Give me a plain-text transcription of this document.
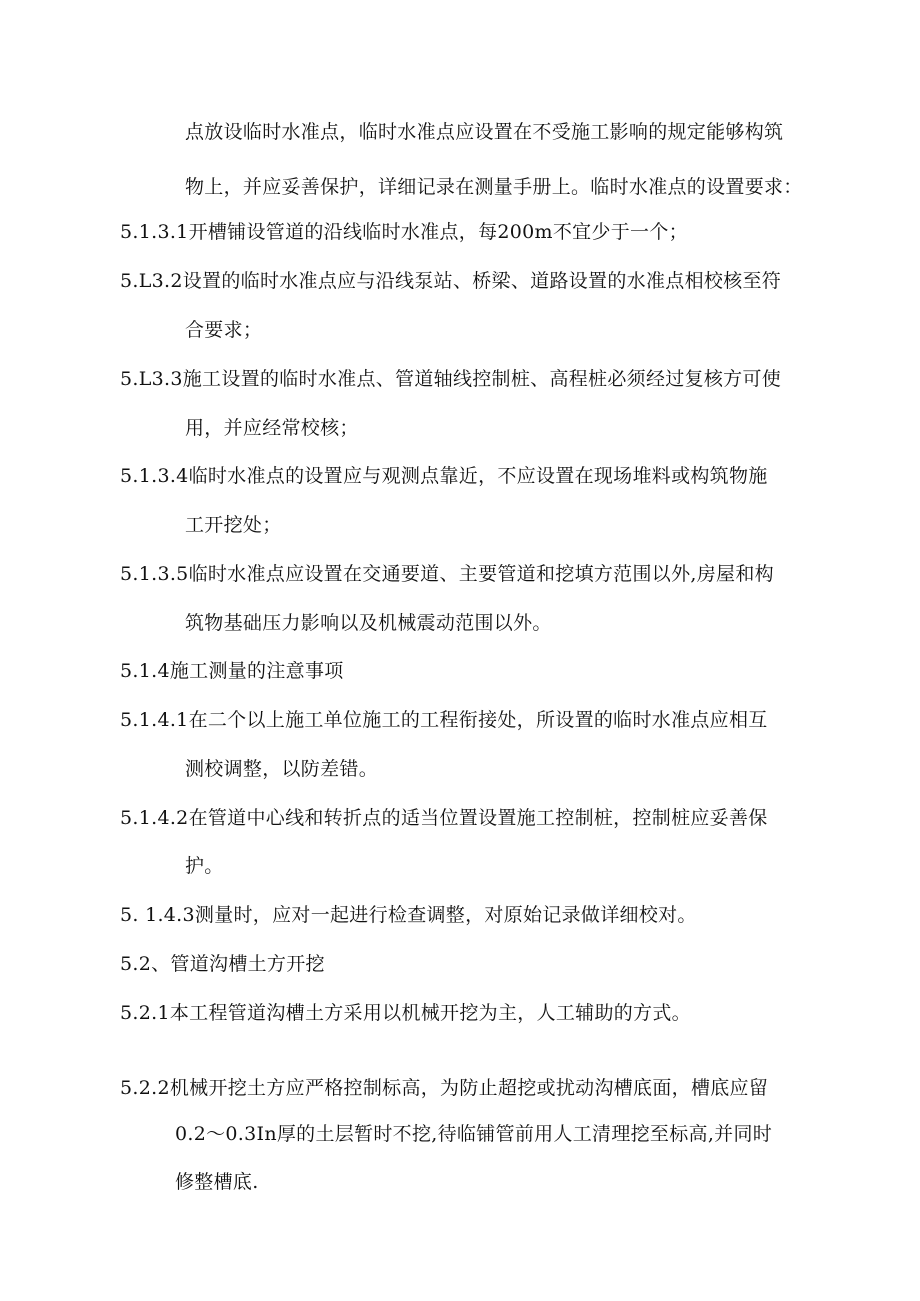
点放设临时水准点，临时水准点应设置在不受施工影响的规定能够构筑
物上，并应妥善保护，详细记录在测量手册上。临时水准点的设置要求：
5.1.3.1开槽铺设管道的沿线临时水准点，每200m不宜少于一个；
5.L3.2设置的临时水准点应与沿线泵站、桥梁、道路设置的水准点相校核至符
合要求；
5.L3.3施工设置的临时水准点、管道轴线控制桩、高程桩必须经过复核方可使
用，并应经常校核；
5.1.3.4临时水准点的设置应与观测点靠近，不应设置在现场堆料或构筑物施
工开挖处；
5.1.3.5临时水准点应设置在交通要道、主要管道和挖填方范围以外,房屋和构
筑物基础压力影响以及机械震动范围以外。
5.1.4施工测量的注意事项
5.1.4.1在二个以上施工单位施工的工程衔接处，所设置的临时水准点应相互
测校调整，以防差错。
5.1.4.2在管道中心线和转折点的适当位置设置施工控制桩，控制桩应妥善保
护。
5. 1.4.3测量时，应对一起进行检查调整，对原始记录做详细校对。
5.2、管道沟槽土方开挖
5.2.1本工程管道沟槽土方采用以机械开挖为主，人工辅助的方式。
5.2.2机械开挖土方应严格控制标高，为防止超挖或扰动沟槽底面，槽底应留
0.2～0.3In厚的土层暂时不挖,待临铺管前用人工清理挖至标高,并同时
修整槽底.
